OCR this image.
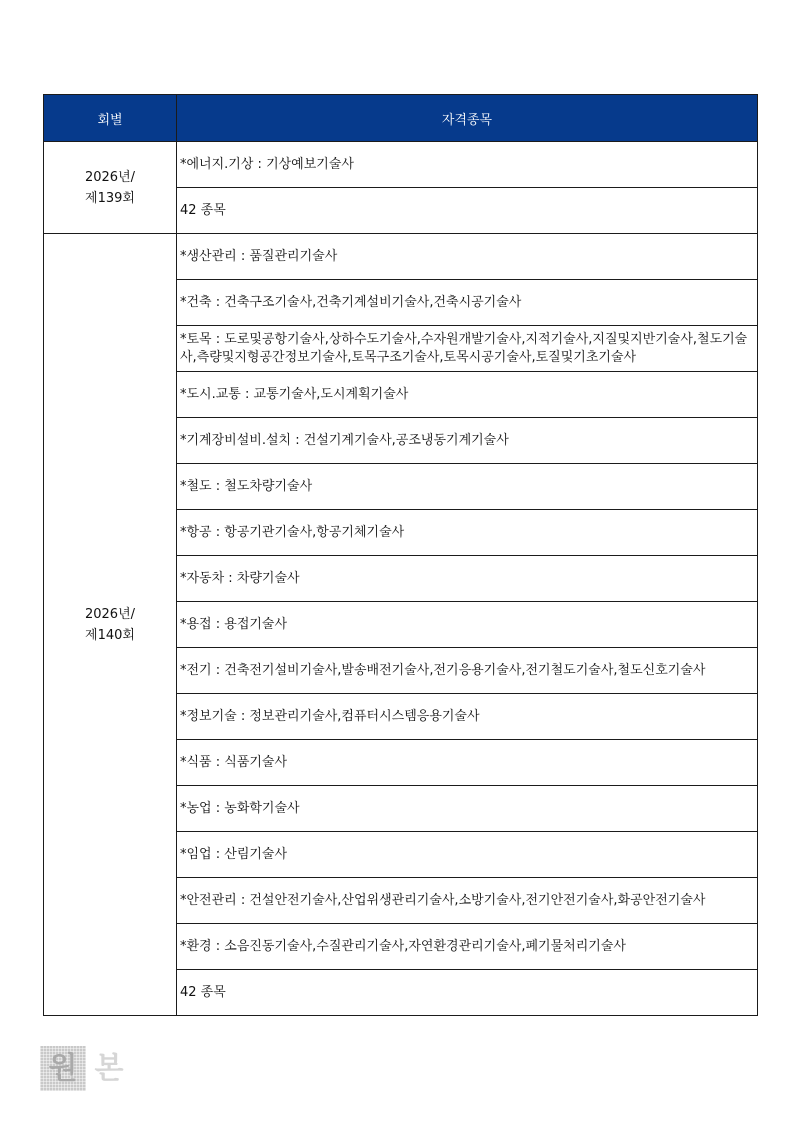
회별	자격종목

2026년/
제139회	*에너지.기상 : 기상예보기술사
	42 종목

2026년/
제140회	*생산관리 : 품질관리기술사
	*건축 : 건축구조기술사,건축기계설비기술사,건축시공기술사
	*토목 : 도로및공항기술사,상하수도기술사,수자원개발기술사,지적기술사,지질및지반기술사,철도기술사,측량및지형공간정보기술사,토목구조기술사,토목시공기술사,토질및기초기술사
	*도시.교통 : 교통기술사,도시계획기술사
	*기계장비설비.설치 : 건설기계기술사,공조냉동기계기술사
	*철도 : 철도차량기술사
	*항공 : 항공기관기술사,항공기체기술사
	*자동차 : 차량기술사
	*용접 : 용접기술사
	*전기 : 건축전기설비기술사,발송배전기술사,전기응용기술사,전기철도기술사,철도신호기술사
	*정보기술 : 정보관리기술사,컴퓨터시스템응용기술사
	*식품 : 식품기술사
	*농업 : 농화학기술사
	*임업 : 산림기술사
	*안전관리 : 건설안전기술사,산업위생관리기술사,소방기술사,전기안전기술사,화공안전기술사
	*환경 : 소음진동기술사,수질관리기술사,자연환경관리기술사,폐기물처리기술사
	42 종목
원 본
